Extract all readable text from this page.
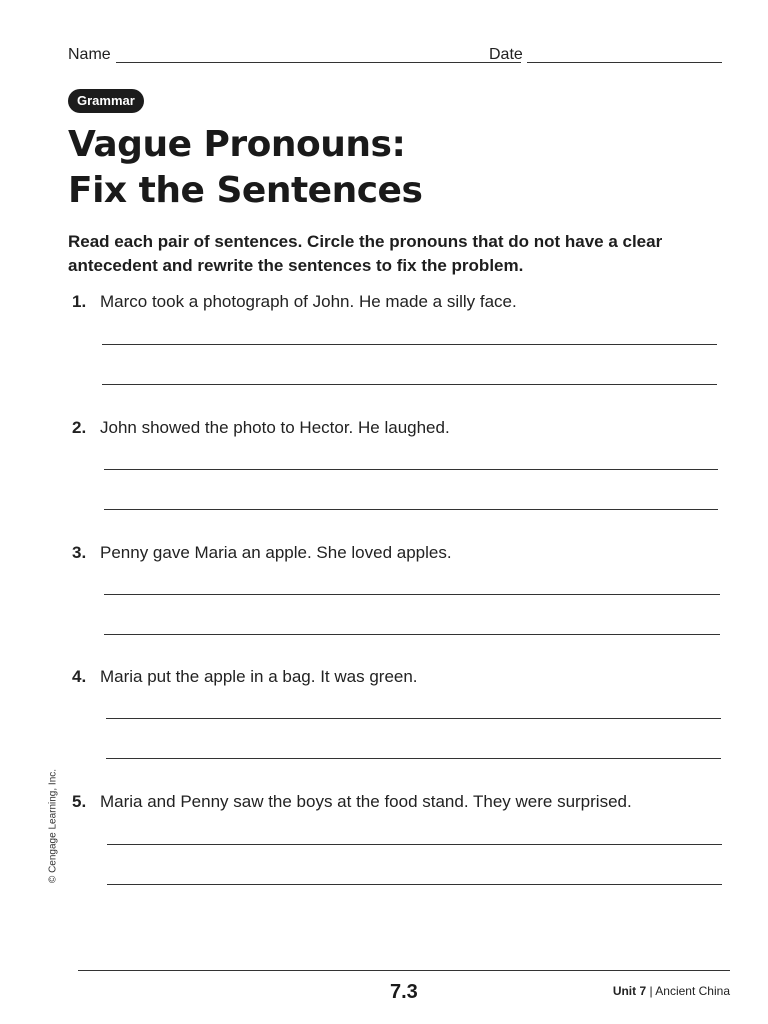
Name	Date
Grammar
Vague Pronouns:
Fix the Sentences
Read each pair of sentences. Circle the pronouns that do not have a clear antecedent and rewrite the sentences to fix the problem.
1. Marco took a photograph of John. He made a silly face.
2. John showed the photo to Hector. He laughed.
3. Penny gave Maria an apple. She loved apples.
4. Maria put the apple in a bag. It was green.
5. Maria and Penny saw the boys at the food stand. They were surprised.
© Cengage Learning, Inc.
7.3	Unit 7 | Ancient China
